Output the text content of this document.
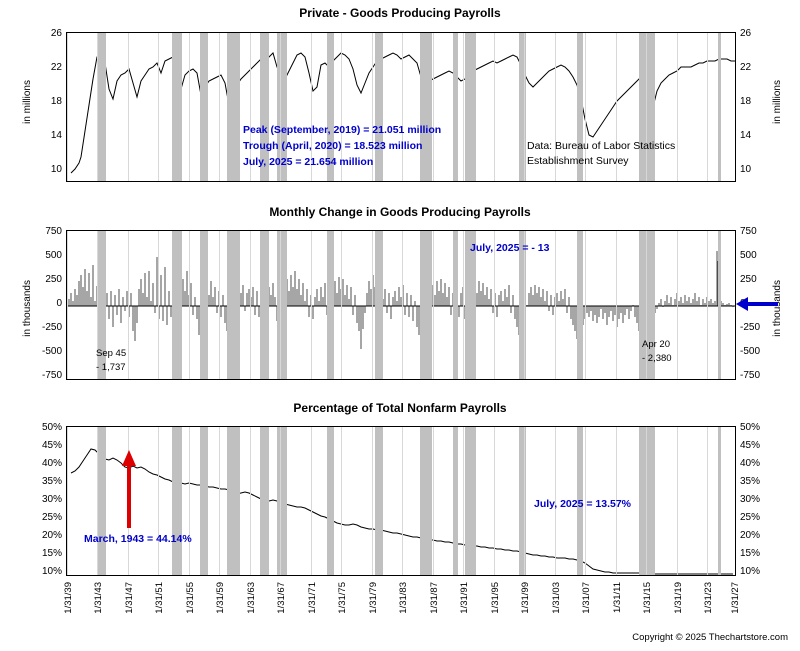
Private - Goods Producing Payrolls
in millions	in millions
26
22
18
14
10
26
22
18
14
10
Peak (September, 2019) = 21.051 million
Trough (April, 2020) = 18.523 million
July, 2025 = 21.654 million
Data: Bureau of Labor Statistics
Establishment Survey
Monthly Change in Goods Producing Payrolls
in thousands	in thousands
750
500
250
0
-250
-500
-750
750
500
250
-250
-500
-750
July, 2025 = - 13
Sep 45
- 1,737
Apr 20
- 2,380
Percentage of Total Nonfarm Payrolls
50%
45%
40%
35%
30%
25%
20%
15%
10%
50%
45%
40%
35%
30%
25%
20%
15%
10%
March, 1943 = 44.14%
July, 2025 = 13.57%
1/31/39 1/31/43 1/31/47 1/31/51 1/31/55 1/31/59 1/31/63 1/31/67 1/31/71 1/31/75 1/31/79 1/31/83 1/31/87 1/31/91 1/31/95 1/31/99 1/31/03 1/31/07 1/31/11 1/31/15 1/31/19 1/31/23 1/31/27
Copyright © 2025 Thechartstore.com
